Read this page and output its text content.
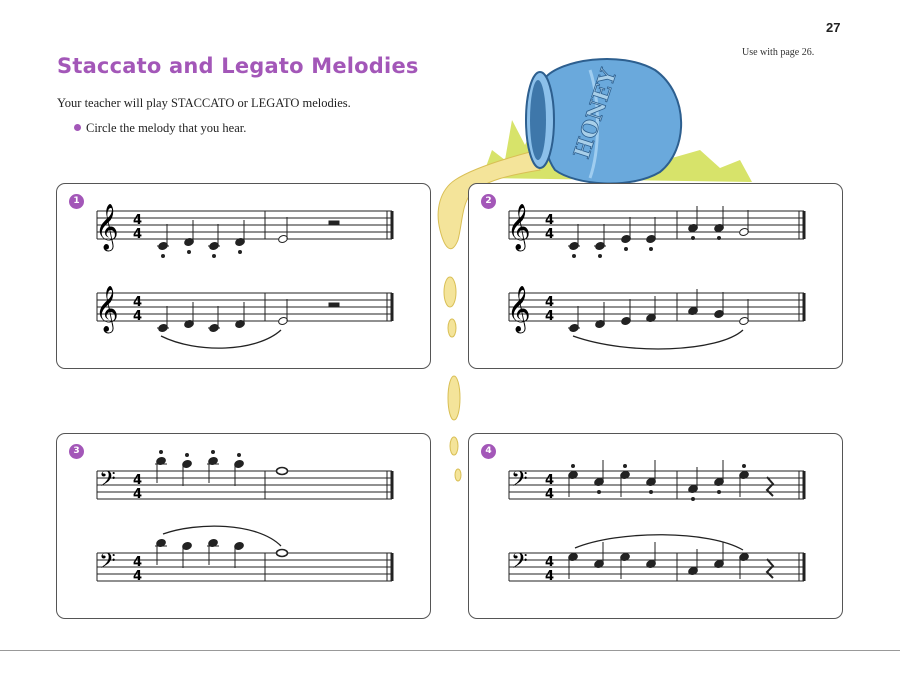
27
Use with page 26.
Staccato and Legato Melodies
Your teacher will play STACCATO or LEGATO melodies.
Circle the melody that you hear.	HONEY
1
𝄞
𝄞
4
4
4
4
2
𝄞
𝄞
4
4
4
4
3
𝄢
𝄢
4
4
4
4
4
𝄢
𝄢
4
4
4
4
